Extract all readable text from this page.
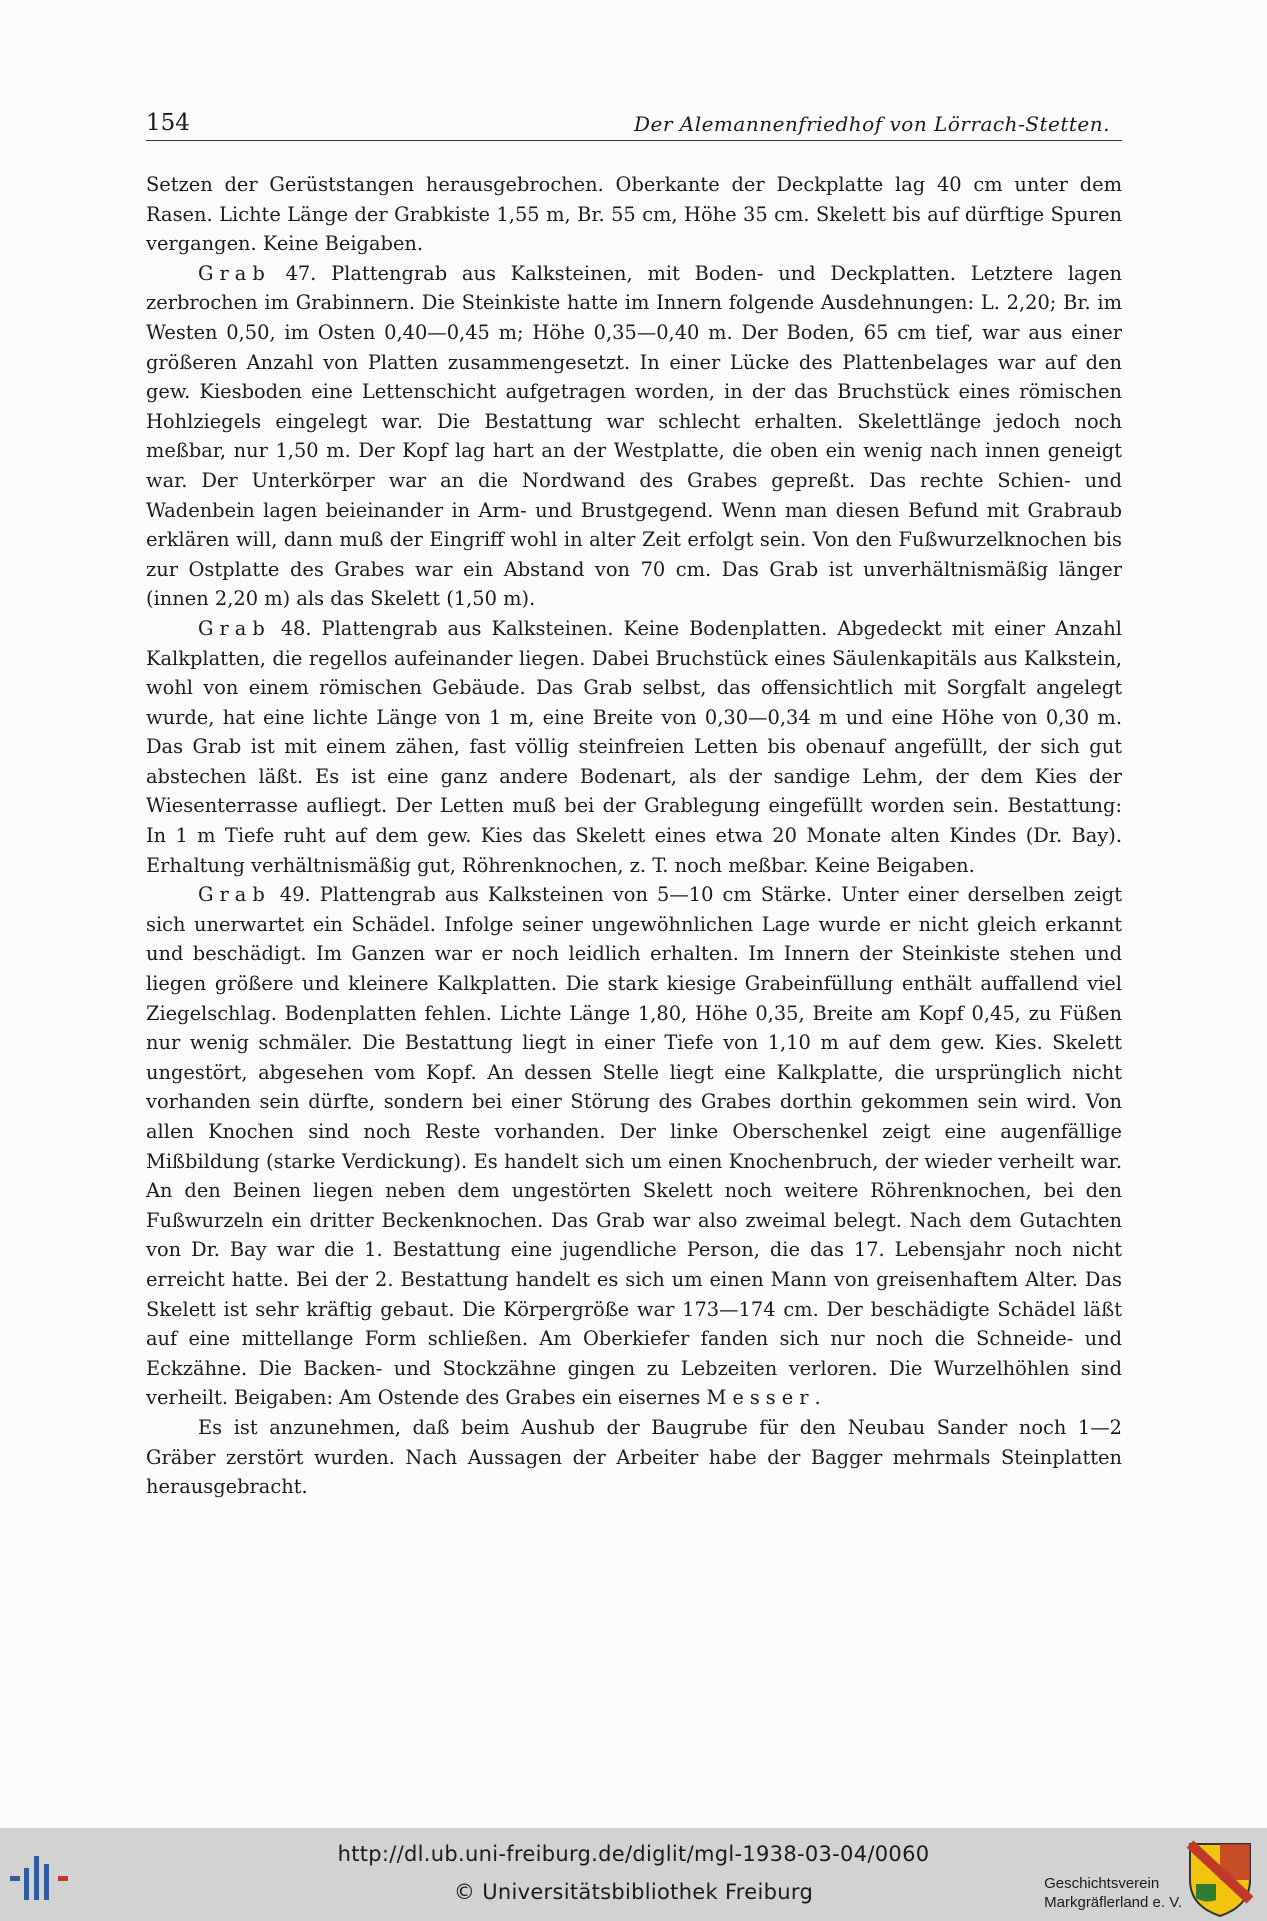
154	Der Alemannenfriedhof von Lörrach-Stetten.

Setzen der Gerüststangen herausgebrochen. Oberkante der Deckplatte lag 40 cm unter dem Rasen. Lichte Länge der Grabkiste 1,55 m, Br. 55 cm, Höhe 35 cm. Skelett bis auf dürftige Spuren vergangen. Keine Beigaben.

Grab 47. Plattengrab aus Kalksteinen, mit Boden- und Deckplatten. Letztere lagen zerbrochen im Grabinnern. Die Steinkiste hatte im Innern folgende Ausdehnungen: L. 2,20; Br. im Westen 0,50, im Osten 0,40—0,45 m; Höhe 0,35—0,40 m. Der Boden, 65 cm tief, war aus einer größeren Anzahl von Platten zusammengesetzt. In einer Lücke des Plattenbelages war auf den gew. Kiesboden eine Lettenschicht aufgetragen worden, in der das Bruchstück eines römischen Hohlziegels eingelegt war. Die Bestattung war schlecht erhalten. Skelettlänge jedoch noch meßbar, nur 1,50 m. Der Kopf lag hart an der Westplatte, die oben ein wenig nach innen geneigt war. Der Unterkörper war an die Nordwand des Grabes gepreßt. Das rechte Schien- und Wadenbein lagen beieinander in Arm- und Brustgegend. Wenn man diesen Befund mit Grabraub erklären will, dann muß der Eingriff wohl in alter Zeit erfolgt sein. Von den Fußwurzelknochen bis zur Ostplatte des Grabes war ein Abstand von 70 cm. Das Grab ist unverhältnismäßig länger (innen 2,20 m) als das Skelett (1,50 m).

Grab 48. Plattengrab aus Kalksteinen. Keine Bodenplatten. Abgedeckt mit einer Anzahl Kalkplatten, die regellos aufeinander liegen. Dabei Bruchstück eines Säulenkapitäls aus Kalkstein, wohl von einem römischen Gebäude. Das Grab selbst, das offensichtlich mit Sorgfalt angelegt wurde, hat eine lichte Länge von 1 m, eine Breite von 0,30—0,34 m und eine Höhe von 0,30 m. Das Grab ist mit einem zähen, fast völlig steinfreien Letten bis obenauf angefüllt, der sich gut abstechen läßt. Es ist eine ganz andere Bodenart, als der sandige Lehm, der dem Kies der Wiesenterrasse aufliegt. Der Letten muß bei der Grablegung eingefüllt worden sein. Bestattung: In 1 m Tiefe ruht auf dem gew. Kies das Skelett eines etwa 20 Monate alten Kindes (Dr. Bay). Erhaltung verhältnismäßig gut, Röhrenknochen, z. T. noch meßbar. Keine Beigaben.

Grab 49. Plattengrab aus Kalksteinen von 5—10 cm Stärke. Unter einer derselben zeigt sich unerwartet ein Schädel. Infolge seiner ungewöhnlichen Lage wurde er nicht gleich erkannt und beschädigt. Im Ganzen war er noch leidlich erhalten. Im Innern der Steinkiste stehen und liegen größere und kleinere Kalkplatten. Die stark kiesige Grabeinfüllung enthält auffallend viel Ziegelschlag. Bodenplatten fehlen. Lichte Länge 1,80, Höhe 0,35, Breite am Kopf 0,45, zu Füßen nur wenig schmäler. Die Bestattung liegt in einer Tiefe von 1,10 m auf dem gew. Kies. Skelett ungestört, abgesehen vom Kopf. An dessen Stelle liegt eine Kalkplatte, die ursprünglich nicht vorhanden sein dürfte, sondern bei einer Störung des Grabes dorthin gekommen sein wird. Von allen Knochen sind noch Reste vorhanden. Der linke Oberschenkel zeigt eine augenfällige Mißbildung (starke Verdickung). Es handelt sich um einen Knochenbruch, der wieder verheilt war. An den Beinen liegen neben dem ungestörten Skelett noch weitere Röhrenknochen, bei den Fußwurzeln ein dritter Beckenknochen. Das Grab war also zweimal belegt. Nach dem Gutachten von Dr. Bay war die 1. Bestattung eine jugendliche Person, die das 17. Lebensjahr noch nicht erreicht hatte. Bei der 2. Bestattung handelt es sich um einen Mann von greisenhaftem Alter. Das Skelett ist sehr kräftig gebaut. Die Körpergröße war 173—174 cm. Der beschädigte Schädel läßt auf eine mittellange Form schließen. Am Oberkiefer fanden sich nur noch die Schneide- und Eckzähne. Die Backen- und Stockzähne gingen zu Lebzeiten verloren. Die Wurzelhöhlen sind verheilt. Beigaben: Am Ostende des Grabes ein eisernes Messer.

Es ist anzunehmen, daß beim Aushub der Baugrube für den Neubau Sander noch 1—2 Gräber zerstört wurden. Nach Aussagen der Arbeiter habe der Bagger mehrmals Steinplatten herausgebracht.

http://dl.ub.uni-freiburg.de/diglit/mgl-1938-03-04/0060
© Universitätsbibliothek Freiburg	Geschichtsverein
Markgräflerland e. V.
